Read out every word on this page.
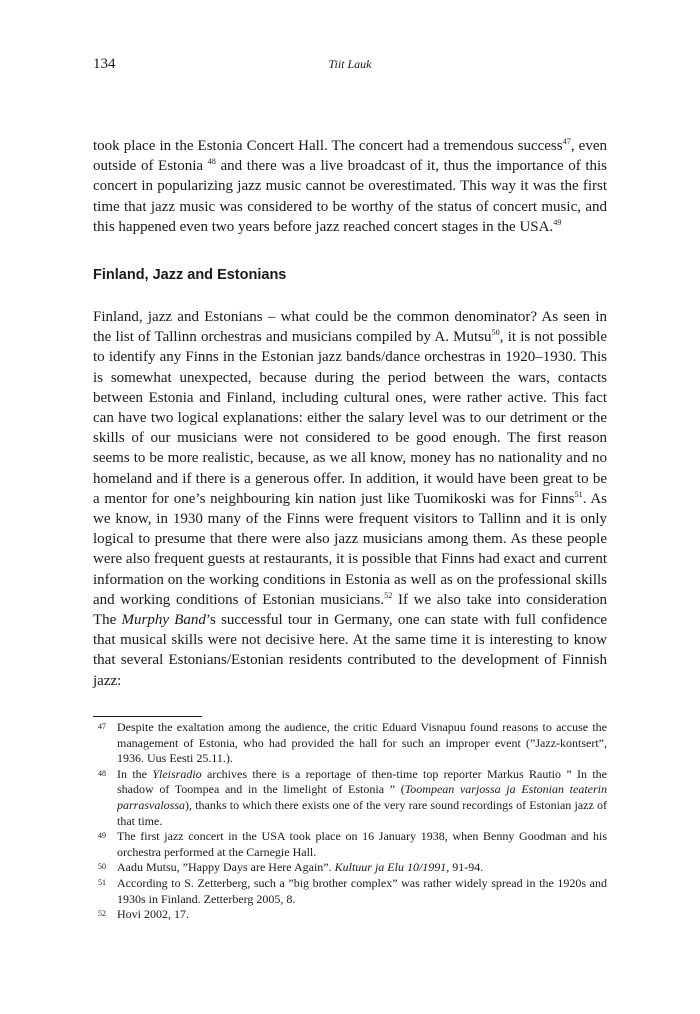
134	Tiit Lauk

took place in the Estonia Concert Hall. The concert had a tremendous success$^{47}$, even outside of Estonia $^{48}$ and there was a live broadcast of it, thus the importance of this concert in popularizing jazz music cannot be overestimated. This way it was the first time that jazz music was considered to be worthy of the status of concert music, and this happened even two years before jazz reached concert stages in the USA.$^{49}$

Finland, Jazz and Estonians

Finland, jazz and Estonians – what could be the common denominator? As seen in the list of Tallinn orchestras and musicians compiled by A. Mutsu$^{50}$, it is not possible to identify any Finns in the Estonian jazz bands/dance orchestras in 1920–1930. This is somewhat unexpected, because during the period between the wars, contacts between Estonia and Finland, including cultural ones, were rather active. This fact can have two logical explanations: either the salary level was to our detriment or the skills of our musicians were not considered to be good enough. The first reason seems to be more realistic, because, as we all know, money has no nationality and no homeland and if there is a generous offer. In addition, it would have been great to be a mentor for one’s neighbouring kin nation just like Tuomikoski was for Finns$^{51}$. As we know, in 1930 many of the Finns were frequent visitors to Tallinn and it is only logical to presume that there were also jazz musicians among them. As these people were also frequent guests at restaurants, it is possible that Finns had exact and current information on the working conditions in Estonia as well as on the professional skills and working conditions of Estonian musicians.$^{52}$ If we also take into consideration The Murphy Band’s successful tour in Germany, one can state with full confidence that musical skills were not decisive here. At the same time it is interesting to know that several Estonians/Estonian residents contributed to the development of Finnish jazz:

47 Despite the exaltation among the audience, the critic Eduard Visnapuu found reasons to accuse the management of Estonia, who had provided the hall for such an improper event (”Jazz-kontsert”, 1936. Uus Eesti 25.11.).
48 In the Yleisradio archives there is a reportage of then-time top reporter Markus Rautio ” In the shadow of Toompea and in the limelight of Estonia ” (Toompean varjossa ja Estonian teaterin parrasvalossa), thanks to which there exists one of the very rare sound recordings of Estonian jazz of that time.
49 The first jazz concert in the USA took place on 16 January 1938, when Benny Goodman and his orchestra performed at the Carnegie Hall.
50 Aadu Mutsu, ”Happy Days are Here Again”. Kultuur ja Elu 10/1991, 91-94.
51 According to S. Zetterberg, such a ”big brother complex” was rather widely spread in the 1920s and 1930s in Finland. Zetterberg 2005, 8.
52 Hovi 2002, 17.
